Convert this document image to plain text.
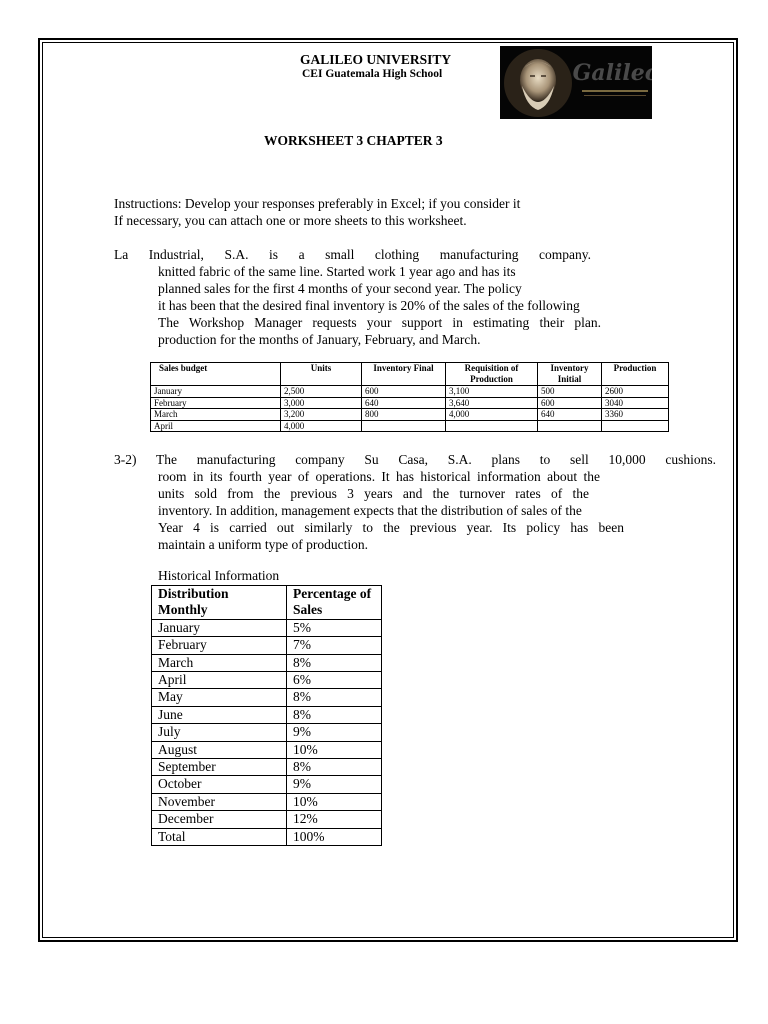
GALILEO UNIVERSITY
CEI Guatemala High School	Galileo
WORKSHEET 3 CHAPTER 3
Instructions: Develop your responses preferably in Excel; if you consider it
If necessary, you can attach one or more sheets to this worksheet.
La Industrial, S.A. is a small clothing manufacturing company.
knitted fabric of the same line. Started work 1 year ago and has its
planned sales for the first 4 months of your second year. The policy
it has been that the desired final inventory is 20% of the sales of the following
The Workshop Manager requests your support in estimating their plan.
production for the months of January, February, and March.
Sales budget	Units	Inventory Final	Requisition of Production	Inventory Initial	Production
January	2,500	600	3,100	500	2600
February	3,000	640	3,640	600	3040
March	3,200	800	4,000	640	3360
April	4,000				
3-2) The manufacturing company Su Casa, S.A. plans to sell 10,000 cushions.
room in its fourth year of operations. It has historical information about the
units sold from the previous 3 years and the turnover rates of the
inventory. In addition, management expects that the distribution of sales of the
Year 4 is carried out similarly to the previous year. Its policy has been
maintain a uniform type of production.
Historical Information
Distribution Monthly	Percentage of Sales
January	5%
February	7%
March	8%
April	6%
May	8%
June	8%
July	9%
August	10%
September	8%
October	9%
November	10%
December	12%
Total	100%
